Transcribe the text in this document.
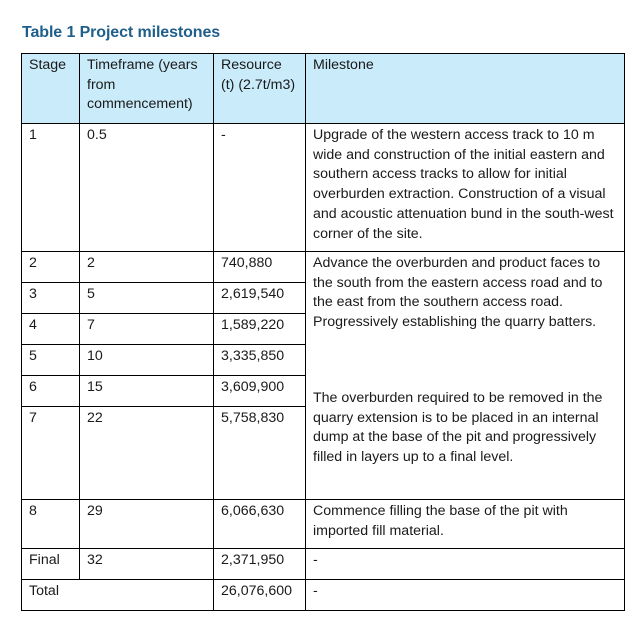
Table 1 Project milestones
Stage	Timeframe (years from commencement)	Resource (t) (2.7t/m3)	Milestone
1	0.5	-	Upgrade of the western access track to 10 m wide and construction of the initial eastern and southern access tracks to allow for initial overburden extraction. Construction of a visual and acoustic attenuation bund in the south-west corner of the site.
2	2	740,880	Advance the overburden and product faces to the south from the eastern access road and to the east from the southern access road. Progressively establishing the quarry batters.
The overburden required to be removed in the quarry extension is to be placed in an internal dump at the base of the pit and progressively filled in layers up to a final level.

3	5	2,619,540	
4	7	1,589,220	
5	10	3,335,850	
6	15	3,609,900	
7	22	5,758,830	
8	29	6,066,630	Commence filling the base of the pit with imported fill material.
Final	32	2,371,950	-
Total		26,076,600	-
